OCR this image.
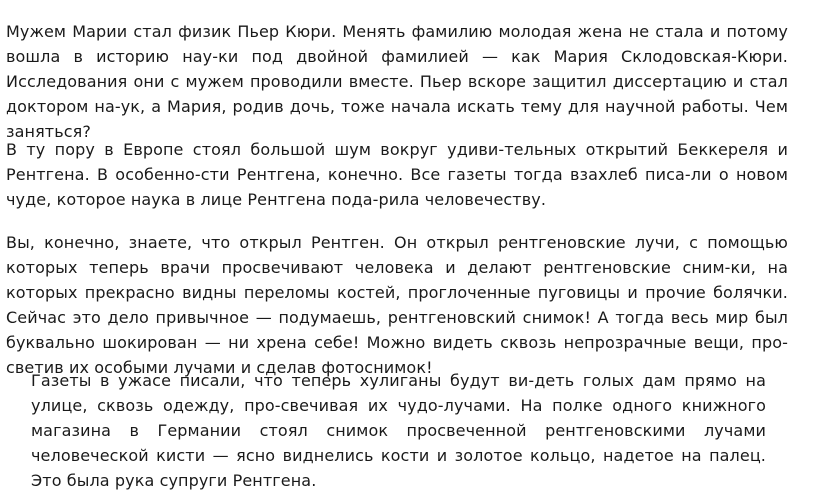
Мужем Марии стал физик Пьер Кюри. Менять фамилию молодая жена не стала и потому вошла в историю нау-ки под двойной фамилией — как Мария Склодовская-Кюри. Исследования они с мужем проводили вместе. Пьер вскоре защитил диссертацию и стал доктором на-ук, а Мария, родив дочь, тоже начала искать тему для научной работы. Чем заняться?

В ту пору в Европе стоял большой шум вокруг удиви-тельных открытий Беккереля и Рентгена. В особенно-сти Рентгена, конечно. Все газеты тогда взахлеб писа-ли о новом чуде, которое наука в лице Рентгена пода-рила человечеству.

Вы, конечно, знаете, что открыл Рентген. Он открыл рентгеновские лучи, с помощью которых теперь врачи просвечивают человека и делают рентгеновские сним-ки, на которых прекрасно видны переломы костей, проглоченные пуговицы и прочие болячки. Сейчас это дело привычное — подумаешь, рентгеновский снимок! А тогда весь мир был буквально шокирован — ни хрена себе! Можно видеть сквозь непрозрачные вещи, про-светив их особыми лучами и сделав фотоснимок!

Газеты в ужасе писали, что теперь хулиганы будут ви-деть голых дам прямо на улице, сквозь одежду, про-свечивая их чудо-лучами. На полке одного книжного магазина в Германии стоял снимок просвеченной рентгеновскими лучами человеческой кисти — ясно виднелись кости и золотое кольцо, надетое на палец. Это была рука супруги Рентгена.
